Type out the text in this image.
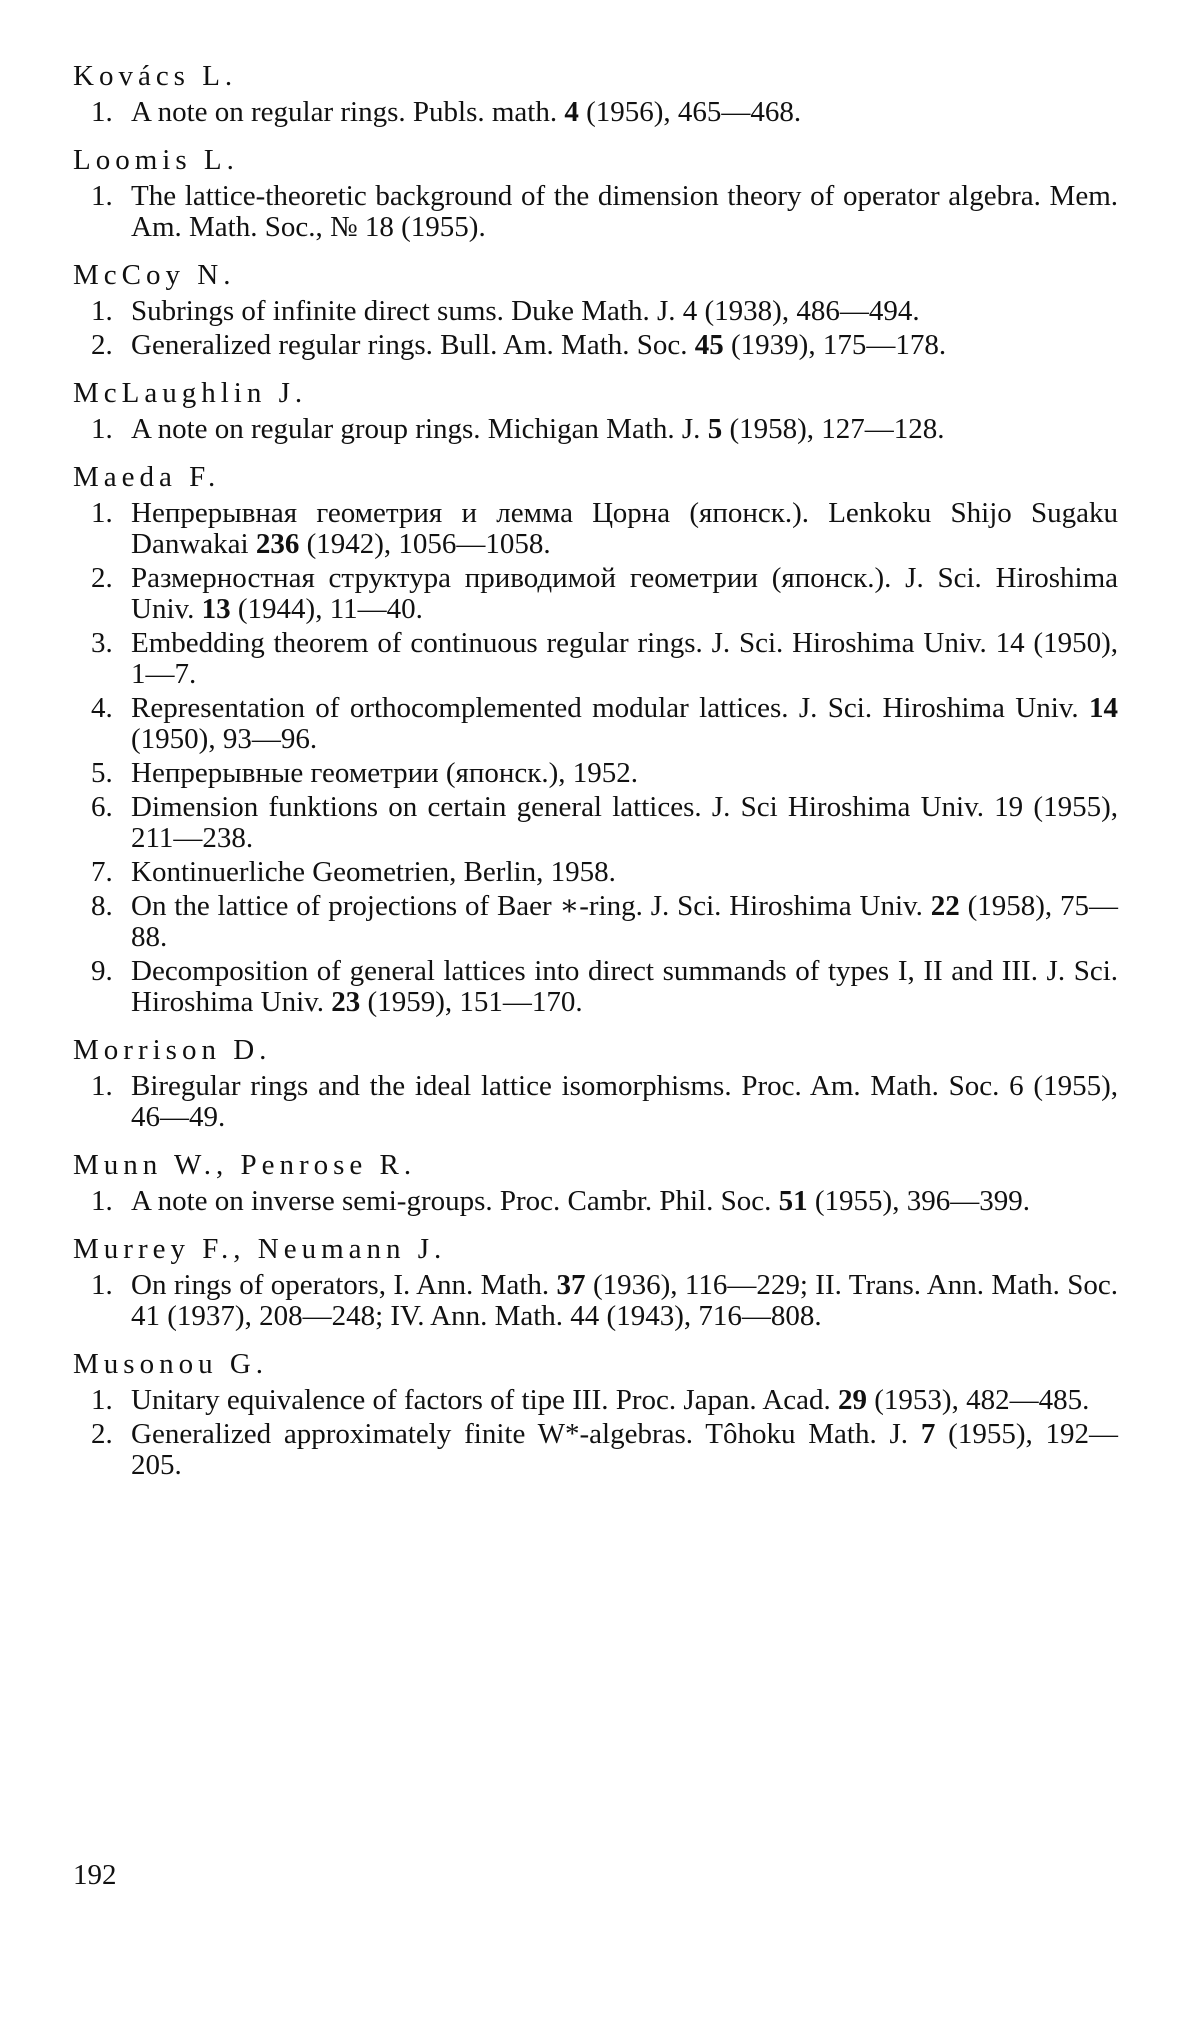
Kovács L.
1. A note on regular rings. Publs. math. 4 (1956), 465—468.
Loomis L.
1. The lattice-theoretic background of the dimension theory of operator algebra. Mem. Am. Math. Soc., № 18 (1955).
McCoy N.
1. Subrings of infinite direct sums. Duke Math. J. 4 (1938), 486—494.
2. Generalized regular rings. Bull. Am. Math. Soc. 45 (1939), 175—178.
McLaughlin J.
1. A note on regular group rings. Michigan Math. J. 5 (1958), 127—128.
Maeda F.
1. Непрерывная геометрия и лемма Цорна (японск.). Lenkoku Shijo Sugaku Danwakai 236 (1942), 1056—1058.
2. Размерностная структура приводимой геометрии (японск.). J. Sci. Hiroshima Univ. 13 (1944), 11—40.
3. Embedding theorem of continuous regular rings. J. Sci. Hiroshima Univ. 14 (1950), 1—7.
4. Representation of orthocomplemented modular lattices. J. Sci. Hiroshima Univ. 14 (1950), 93—96.
5. Непрерывные геометрии (японск.), 1952.
6. Dimension funktions on certain general lattices. J. Sci Hiroshima Univ. 19 (1955), 211—238.
7. Kontinuerliche Geometrien, Berlin, 1958.
8. On the lattice of projections of Baer ∗-ring. J. Sci. Hiroshima Univ. 22 (1958), 75—88.
9. Decomposition of general lattices into direct summands of types I, II and III. J. Sci. Hiroshima Univ. 23 (1959), 151—170.
Morrison D.
1. Biregular rings and the ideal lattice isomorphisms. Proc. Am. Math. Soc. 6 (1955), 46—49.
Munn W., Penrose R.
1. A note on inverse semi-groups. Proc. Cambr. Phil. Soc. 51 (1955), 396—399.
Murrey F., Neumann J.
1. On rings of operators, I. Ann. Math. 37 (1936), 116—229; II. Trans. Ann. Math. Soc. 41 (1937), 208—248; IV. Ann. Math. 44 (1943), 716—808.
Musonou G.
1. Unitary equivalence of factors of tipe III. Proc. Japan. Acad. 29 (1953), 482—485.
2. Generalized approximately finite W*-algebras. Tôhoku Math. J. 7 (1955), 192—205.
192
